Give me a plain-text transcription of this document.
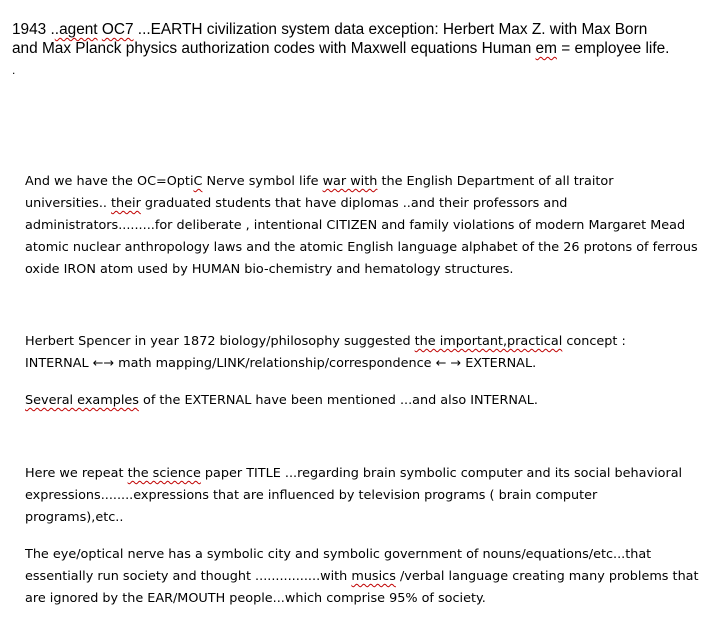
1943 ..agent OC7 ...EARTH civilization system data exception: Herbert Max Z. with Max Born
and Max Planck physics authorization codes with Maxwell equations Human em = employee life.
.
And we have the OC=OptiC Nerve symbol life war with the English Department of all traitor
universities.. their graduated students that have diplomas ..and their professors and
administrators.........for deliberate , intentional CITIZEN and family violations of modern Margaret Mead
atomic nuclear anthropology laws and the atomic English language alphabet of the 26 protons of ferrous
oxide IRON atom used by HUMAN bio-chemistry and hematology structures.
Herbert Spencer in year 1872 biology/philosophy suggested the important,practical concept :
INTERNAL ←→ math mapping/LINK/relationship/correspondence ← → EXTERNAL.
Several examples of the EXTERNAL have been mentioned ...and also INTERNAL.
Here we repeat the science paper TITLE ...regarding brain symbolic computer and its social behavioral
expressions........expressions that are influenced by television programs ( brain computer
programs),etc..
The eye/optical nerve has a symbolic city and symbolic government of nouns/equations/etc...that
essentially run society and thought ................with musics /verbal language creating many problems that
are ignored by the EAR/MOUTH people...which comprise 95% of society.
